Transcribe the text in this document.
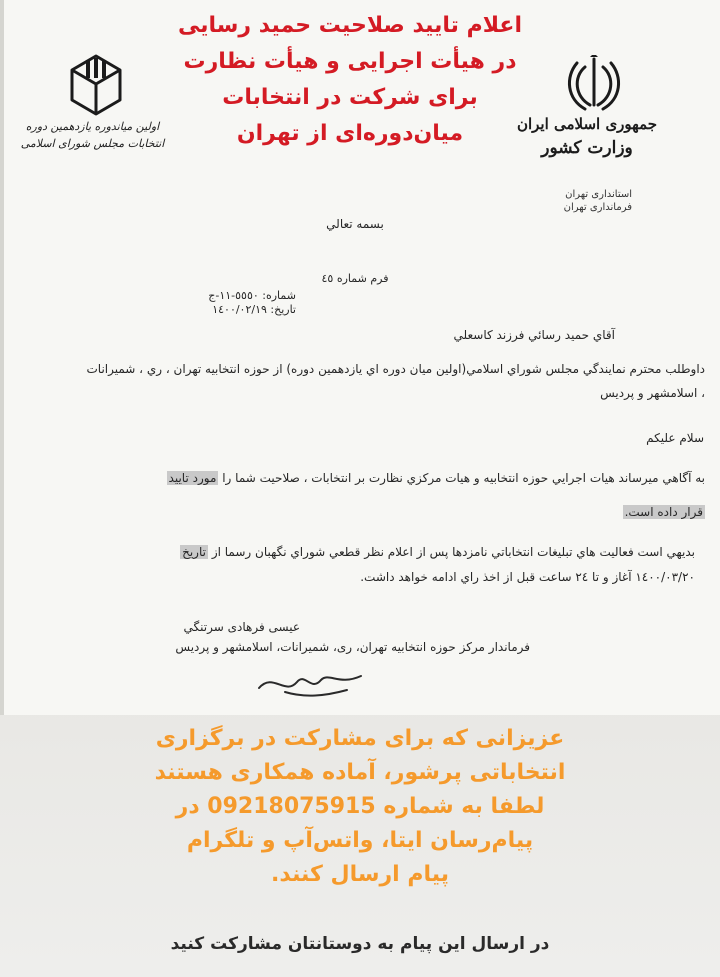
اعلام تایید صلاحیت حمید رسایی
در هیأت اجرایی و هیأت نظارت
برای شرکت در انتخابات
میان‌دوره‌ای از تهران	جمهوری اسلامی ایران
وزارت کشور
استانداری تهران
فرمانداری تهران
اولین میاندوره یازدهمین دوره
انتخابات مجلس شورای اسلامی
بسمه تعالي
فرم شماره ٤٥
شماره: ٥٥٥٠-١١-ج
تاريخ: ١٤٠٠/٠٢/١٩
آقاي حميد رسائي فرزند کاسعلي
داوطلب محترم نمايندگي مجلس شوراي اسلامي(اولين ميان دوره اي يازدهمين دوره) از حوزه انتخابيه تهران ، ري ، شميرانات ، اسلامشهر و پرديس
سلام عليکم
به آگاهي ميرساند هيات اجرايي حوزه انتخابيه و هيات مرکزي نظارت بر انتخابات ، صلاحيت شما را مورد تاييد
قرار داده است.
بديهي است فعاليت هاي تبليغات انتخاباتي نامزدها پس از اعلام نظر قطعي شوراي نگهبان رسما از تاريخ
١٤٠٠/٠٣/٢٠ آغاز و تا ٢٤ ساعت قبل از اخذ راي ادامه خواهد داشت.
عيسی فرهادی سرتنگي
فرماندار مرکز حوزه انتخابيه تهران، ری، شميرانات، اسلامشهر و پرديس
عزیزانی که برای مشارکت در برگزاری
انتخاباتی پرشور، آماده همکاری هستند
لطفا به شماره 09218075915 در
پیام‌رسان ایتا، واتس‌آپ و تلگرام
پیام ارسال کنند.
در ارسال این پیام به دوستانتان مشارکت کنید
